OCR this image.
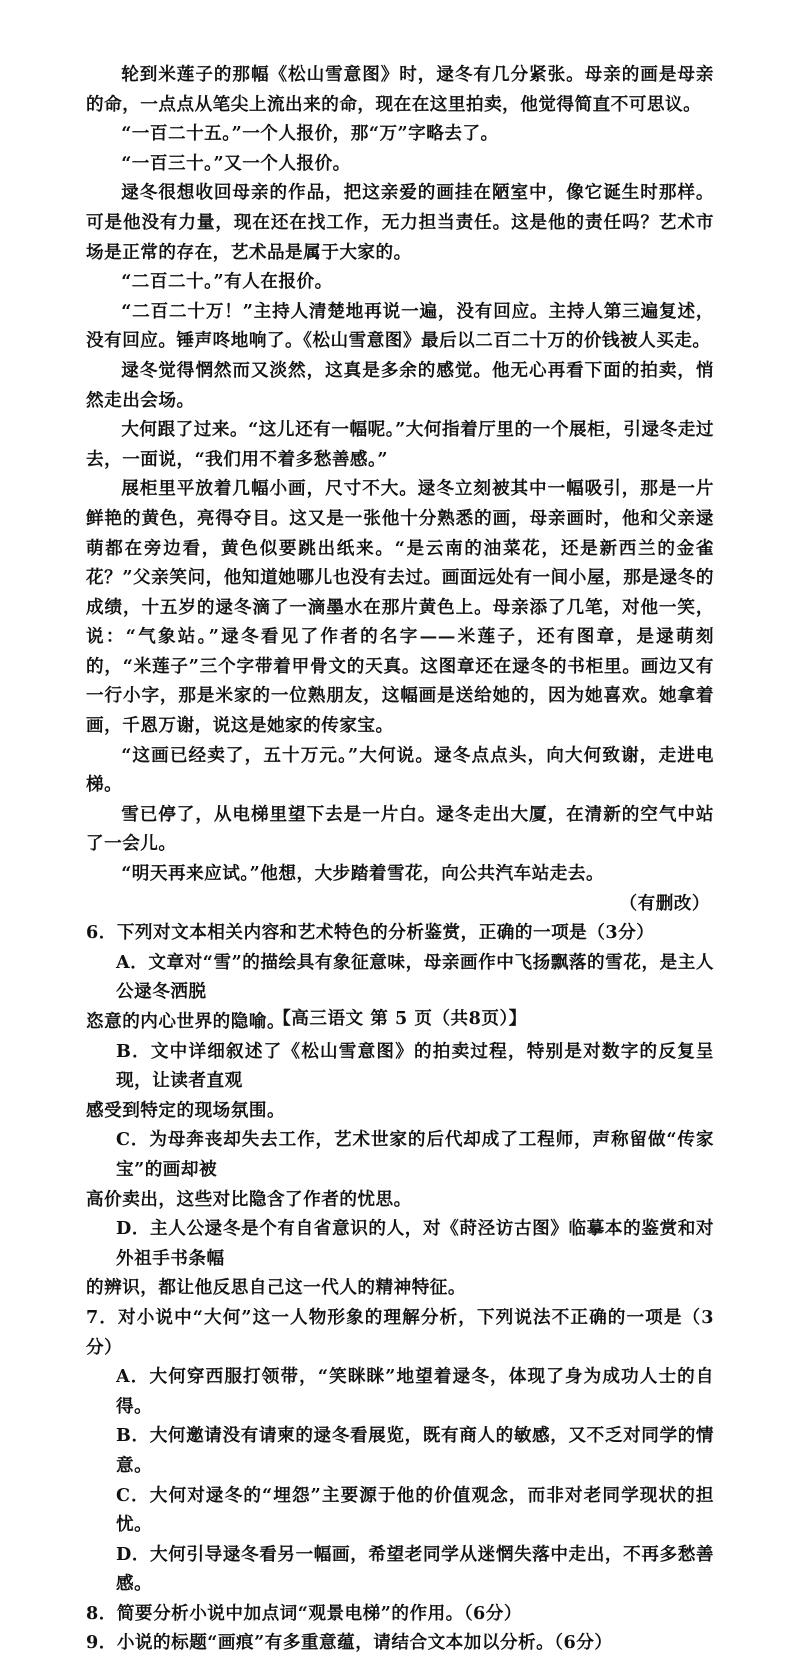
轮到米莲子的那幅《松山雪意图》时，逯冬有几分紧张。母亲的画是母亲的命，一点点从笔尖上流出来的命，现在在这里拍卖，他觉得简直不可思议。

“一百二十五。”一个人报价，那“万”字略去了。

“一百三十。”又一个人报价。

逯冬很想收回母亲的作品，把这亲爱的画挂在陋室中，像它诞生时那样。可是他没有力量，现在还在找工作，无力担当责任。这是他的责任吗？艺术市场是正常的存在，艺术品是属于大家的。

“二百二十。”有人在报价。

“二百二十万！”主持人清楚地再说一遍，没有回应。主持人第三遍复述，没有回应。锤声咚地响了。《松山雪意图》最后以二百二十万的价钱被人买走。

逯冬觉得惘然而又淡然，这真是多余的感觉。他无心再看下面的拍卖，悄然走出会场。

大何跟了过来。“这儿还有一幅呢。”大何指着厅里的一个展柜，引逯冬走过去，一面说，“我们用不着多愁善感。”

展柜里平放着几幅小画，尺寸不大。逯冬立刻被其中一幅吸引，那是一片鲜艳的黄色，亮得夺目。这又是一张他十分熟悉的画，母亲画时，他和父亲逯萌都在旁边看，黄色似要跳出纸来。“是云南的油菜花，还是新西兰的金雀花？”父亲笑问，他知道她哪儿也没有去过。画面远处有一间小屋，那是逯冬的成绩，十五岁的逯冬滴了一滴墨水在那片黄色上。母亲添了几笔，对他一笑，说：“气象站。”逯冬看见了作者的名字——米莲子，还有图章，是逯萌刻的，“米莲子”三个字带着甲骨文的天真。这图章还在逯冬的书柜里。画边又有一行小字，那是米家的一位熟朋友，这幅画是送给她的，因为她喜欢。她拿着画，千恩万谢，说这是她家的传家宝。

“这画已经卖了，五十万元。”大何说。逯冬点点头，向大何致谢，走进电梯。

雪已停了，从电梯里望下去是一片白。逯冬走出大厦，在清新的空气中站了一会儿。

“明天再来应试。”他想，大步踏着雪花，向公共汽车站走去。

（有删改）

6．下列对文本相关内容和艺术特色的分析鉴赏，正确的一项是（3分）

A．文章对“雪”的描绘具有象征意味，母亲画作中飞扬飘落的雪花，是主人公逯冬洒脱

恣意的内心世界的隐喻。

B．文中详细叙述了《松山雪意图》的拍卖过程，特别是对数字的反复呈现，让读者直观

感受到特定的现场氛围。

C．为母奔丧却失去工作，艺术世家的后代却成了工程师，声称留做“传家宝”的画却被

高价卖出，这些对比隐含了作者的忧思。

D．主人公逯冬是个有自省意识的人，对《莳泾访古图》临摹本的鉴赏和对外祖手书条幅

的辨识，都让他反思自己这一代人的精神特征。

7．对小说中“大何”这一人物形象的理解分析，下列说法不正确的一项是（3分）

A．大何穿西服打领带，“笑眯眯”地望着逯冬，体现了身为成功人士的自得。

B．大何邀请没有请柬的逯冬看展览，既有商人的敏感，又不乏对同学的情意。

C．大何对逯冬的“埋怨”主要源于他的价值观念，而非对老同学现状的担忧。

D．大何引导逯冬看另一幅画，希望老同学从迷惘失落中走出，不再多愁善感。

8．简要分析小说中加点词“观景电梯”的作用。（6分）

9．小说的标题“画痕”有多重意蕴，请结合文本加以分析。（6分）

【高三语文 第 5 页（共8页）】
